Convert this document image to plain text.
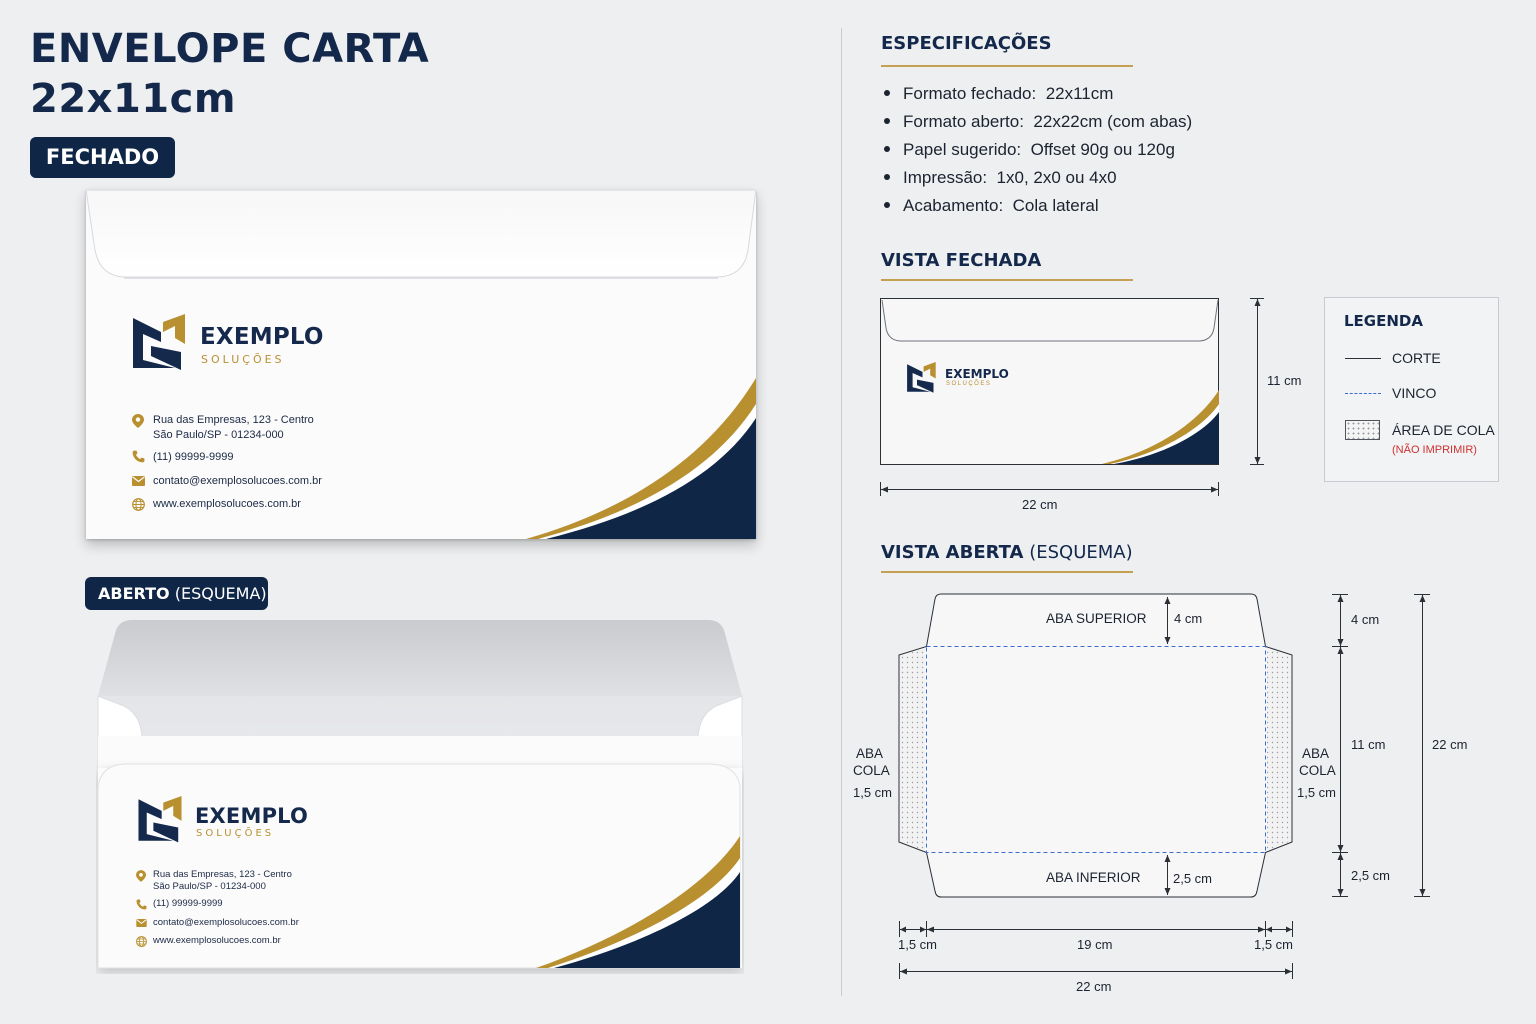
ENVELOPE CARTA
22x11cm
FECHADO
EXEMPLO
SOLUÇÕES
Rua das Empresas, 123 - Centro
São Paulo/SP - 01234-000
(11) 99999-9999
contato@exemplosolucoes.com.br
www.exemplosolucoes.com.br
ABERTO (ESQUEMA)
EXEMPLO
SOLUÇÕES
Rua das Empresas, 123 - Centro
São Paulo/SP - 01234-000
(11) 99999-9999
contato@exemplosolucoes.com.br
www.exemplosolucoes.com.br
ESPECIFICAÇÕES
Formato fechado: 22x11cm
Formato aberto: 22x22cm (com abas)
Papel sugerido: Offset 90g ou 120g
Impressão: 1x0, 2x0 ou 4x0
Acabamento: Cola lateral
VISTA FECHADA
EXEMPLO
SOLUÇÕES	11 cm
22 cm
LEGENDA
CORTE
VINCO
ÁREA DE COLA
(NÃO IMPRIMIR)
VISTA ABERTA (ESQUEMA)
ABA SUPERIOR 4 cm
ABA INFERIOR 2,5 cm
ABA
COLA
1,5 cm
ABA
COLA
1,5 cm
4 cm
11 cm
2,5 cm
22 cm
1,5 cm	19 cm	1,5 cm
22 cm
